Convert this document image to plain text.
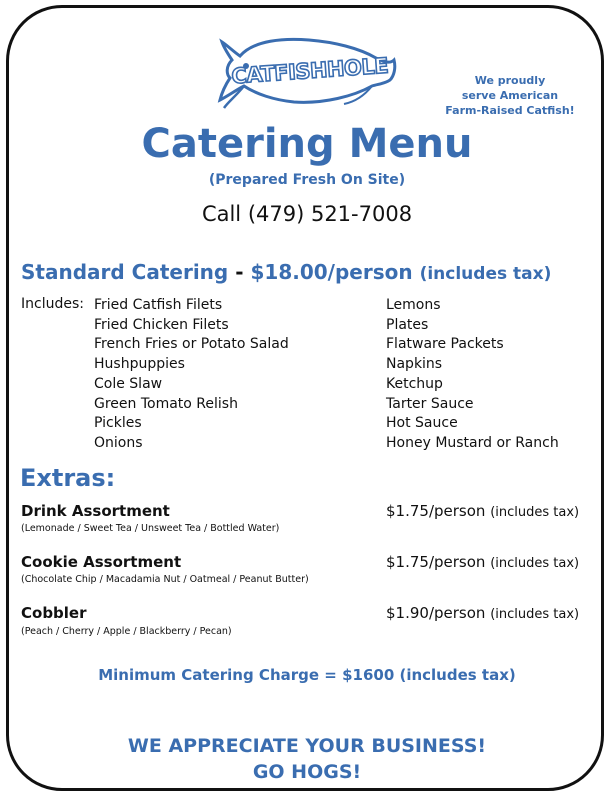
CATFISHHOLE	We proudly
serve American
Farm-Raised Catfish!
Catering Menu
(Prepared Fresh On Site)
Call (479) 521-7008
Standard Catering - $18.00/person (includes tax)
Includes: Fried Catfish Filets
Fried Chicken Filets
French Fries or Potato Salad
Hushpuppies
Cole Slaw
Green Tomato Relish
Pickles
Onions
Lemons
Plates
Flatware Packets
Napkins
Ketchup
Tarter Sauce
Hot Sauce
Honey Mustard or Ranch
Extras:
Drink Assortment
(Lemonade / Sweet Tea / Unsweet Tea / Bottled Water)
$1.75/person (includes tax)
Cookie Assortment
(Chocolate Chip / Macadamia Nut / Oatmeal / Peanut Butter)
$1.75/person (includes tax)
Cobbler
(Peach / Cherry / Apple / Blackberry / Pecan)
$1.90/person (includes tax)
Minimum Catering Charge = $1600 (includes tax)
WE APPRECIATE YOUR BUSINESS!
GO HOGS!
